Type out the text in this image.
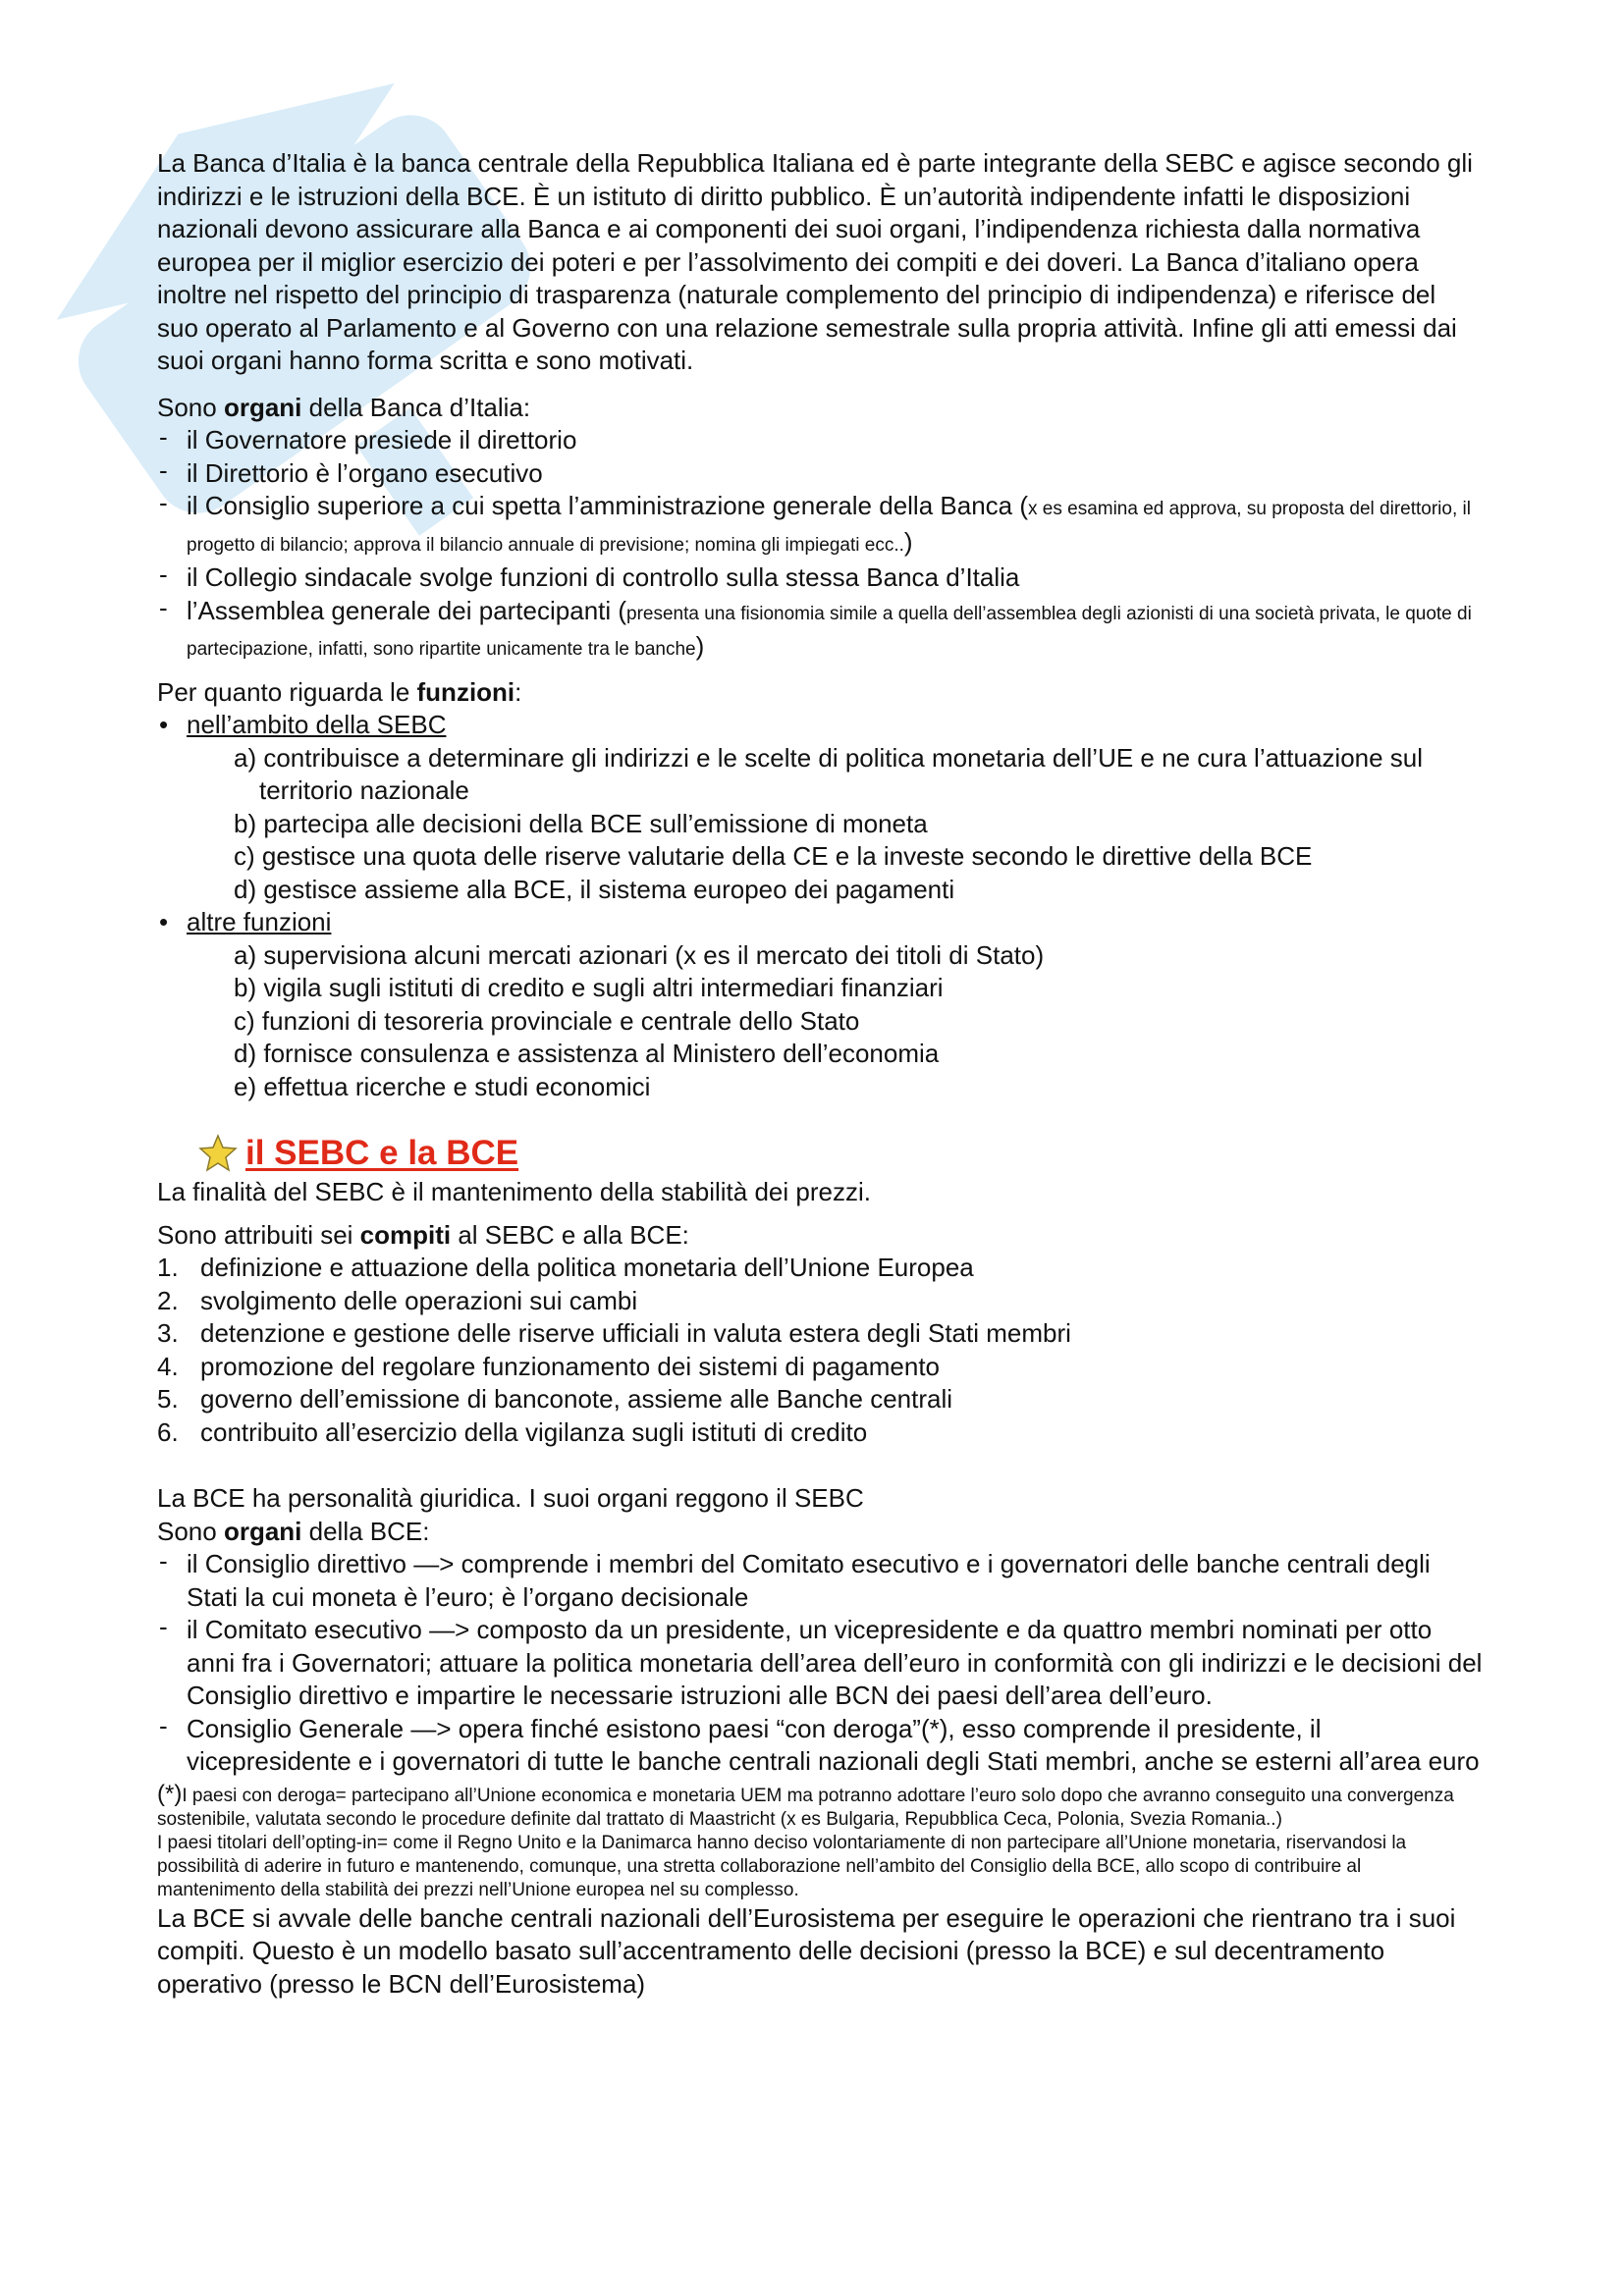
La Banca d’Italia è la banca centrale della Repubblica Italiana ed è parte integrante della SEBC e agisce secondo gli indirizzi e le istruzioni della BCE. È un istituto di diritto pubblico. È un’autorità indipendente infatti le disposizioni nazionali devono assicurare alla Banca e ai componenti dei suoi organi, l’indipendenza richiesta dalla normativa europea per il miglior esercizio dei poteri e per l’assolvimento dei compiti e dei doveri. La Banca d’italiano opera inoltre nel rispetto del principio di trasparenza (naturale complemento del principio di indipendenza) e riferisce del suo operato al Parlamento e al Governo con una relazione semestrale sulla propria attività. Infine gli atti emessi dai suoi organi hanno forma scritta e sono motivati.

Sono organi della Banca d’Italia:

- il Governatore presiede il direttorio
- il Direttorio è l’organo esecutivo
- il Consiglio superiore a cui spetta l’amministrazione generale della Banca (x es esamina ed approva, su proposta del direttorio, il progetto di bilancio; approva il bilancio annuale di previsione; nomina gli impiegati ecc..)
- il Collegio sindacale svolge funzioni di controllo sulla stessa Banca d’Italia
- l’Assemblea generale dei partecipanti (presenta una fisionomia simile a quella dell’assemblea degli azionisti di una società privata, le quote di partecipazione, infatti, sono ripartite unicamente tra le banche)

Per quanto riguarda le funzioni:

• nell’ambito della SEBC
a) contribuisce a determinare gli indirizzi e le scelte di politica monetaria dell’UE e ne cura l’attuazione sul territorio nazionale
b) partecipa alle decisioni della BCE sull’emissione di moneta
c) gestisce una quota delle riserve valutarie della CE e la investe secondo le direttive della BCE
d) gestisce assieme alla BCE, il sistema europeo dei pagamenti
• altre funzioni
a) supervisiona alcuni mercati azionari (x es il mercato dei titoli di Stato)
b) vigila sugli istituti di credito e sugli altri intermediari finanziari
c) funzioni di tesoreria provinciale e centrale dello Stato
d) fornisce consulenza e assistenza al Ministero dell’economia
e) effettua ricerche e studi economici
il SEBC e la BCE

La finalità del SEBC è il mantenimento della stabilità dei prezzi.

Sono attribuiti sei compiti al SEBC e alla BCE:

1. definizione e attuazione della politica monetaria dell’Unione Europea
2. svolgimento delle operazioni sui cambi
3. detenzione e gestione delle riserve ufficiali in valuta estera degli Stati membri
4. promozione del regolare funzionamento dei sistemi di pagamento
5. governo dell’emissione di banconote, assieme alle Banche centrali
6. contribuito all’esercizio della vigilanza sugli istituti di credito

La BCE ha personalità giuridica. I suoi organi reggono il SEBC

Sono organi della BCE:

- il Consiglio direttivo —> comprende i membri del Comitato esecutivo e i governatori delle banche centrali degli Stati la cui moneta è l’euro; è l’organo decisionale
- il Comitato esecutivo —> composto da un presidente, un vicepresidente e da quattro membri nominati per otto anni fra i Governatori; attuare la politica monetaria dell’area dell’euro in conformità con gli indirizzi e le decisioni del Consiglio direttivo e impartire le necessarie istruzioni alle BCN dei paesi dell’area dell’euro.
- Consiglio Generale —> opera finché esistono paesi “con deroga”(*), esso comprende il presidente, il vicepresidente e i governatori di tutte le banche centrali nazionali degli Stati membri, anche se esterni all’area euro

(*)I paesi con deroga= partecipano all’Unione economica e monetaria UEM ma potranno adottare l’euro solo dopo che avranno conseguito una convergenza sostenibile, valutata secondo le procedure definite dal trattato di Maastricht (x es Bulgaria, Repubblica Ceca, Polonia, Svezia Romania..)

I paesi titolari dell’opting-in= come il Regno Unito e la Danimarca hanno deciso volontariamente di non partecipare all’Unione monetaria, riservandosi la possibilità di aderire in futuro e mantenendo, comunque, una stretta collaborazione nell’ambito del Consiglio della BCE, allo scopo di contribuire al mantenimento della stabilità dei prezzi nell’Unione europea nel su complesso.

La BCE si avvale delle banche centrali nazionali dell’Eurosistema per eseguire le operazioni che rientrano tra i suoi compiti. Questo è un modello basato sull’accentramento delle decisioni (presso la BCE) e sul decentramento operativo (presso le BCN dell’Eurosistema)
